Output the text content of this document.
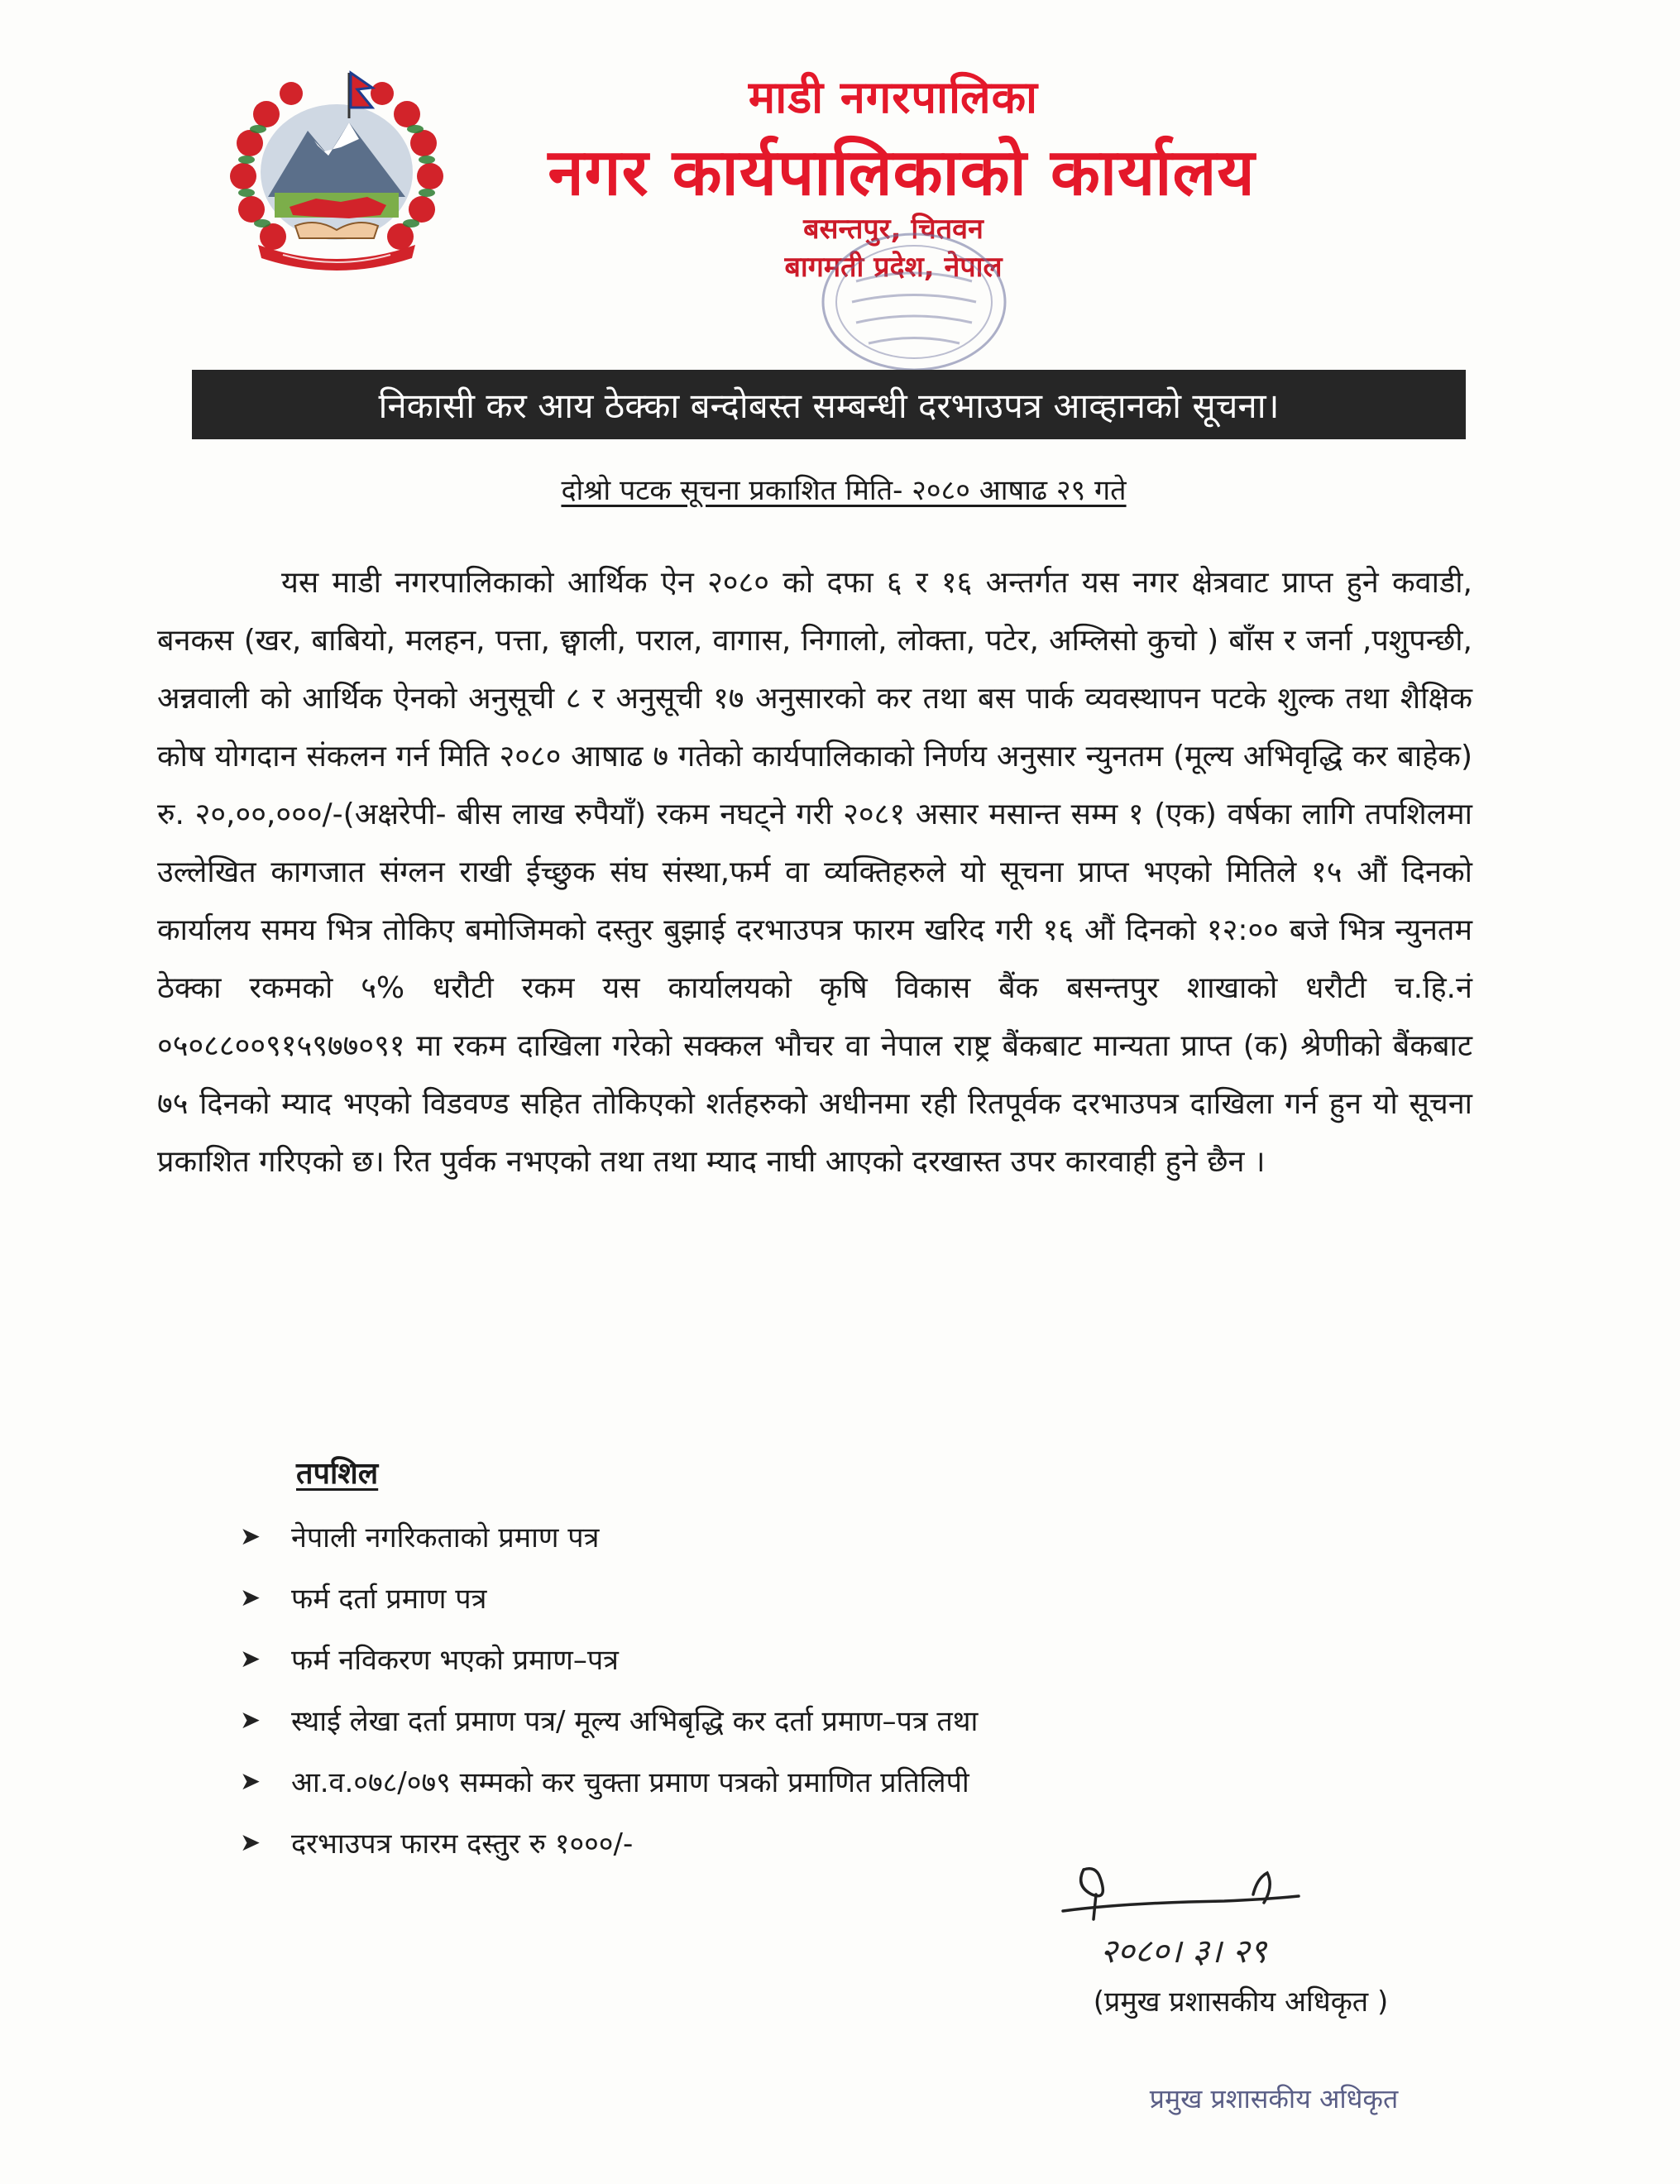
माडी नगरपालिका
नगर कार्यपालिकाको कार्यालय
बसन्तपुर, चितवन
बागमती प्रदेश, नेपाल
निकासी कर आय ठेक्का बन्दोबस्त सम्बन्धी दरभाउपत्र आव्हानको सूचना।
दोश्रो पटक सूचना प्रकाशित मिति- २०८० आषाढ २९ गते
यस माडी नगरपालिकाको आर्थिक ऐन २०८० को दफा ६ र १६ अन्तर्गत यस नगर क्षेत्रवाट प्राप्त हुने कवाडी, बनकस (खर, बाबियो, मलहन, पत्ता, छ्वाली, पराल, वागास, निगालो, लोक्ता, पटेर, अम्लिसो कुचो ) बाँस र जर्ना ,पशुपन्छी, अन्नवाली को आर्थिक ऐनको अनुसूची ८ र अनुसूची १७ अनुसारको कर तथा बस पार्क व्यवस्थापन पटके शुल्क तथा शैक्षिक कोष योगदान संकलन गर्न मिति २०८० आषाढ ७ गतेको कार्यपालिकाको निर्णय अनुसार न्युनतम (मूल्य अभिवृद्धि कर बाहेक) रु. २०,००,०००/-(अक्षरेपी- बीस लाख रुपैयाँ) रकम नघट्ने गरी २०८१ असार मसान्त सम्म १ (एक) वर्षका लागि तपशिलमा उल्लेखित कागजात संग्लन राखी ईच्छुक संघ संस्था,फर्म वा व्यक्तिहरुले यो सूचना प्राप्त भएको मितिले १५ औं दिनको कार्यालय समय भित्र तोकिए बमोजिमको दस्तुर बुझाई दरभाउपत्र फारम खरिद गरी १६ औं दिनको १२:०० बजे भित्र न्युनतम ठेक्का रकमको ५% धरौटी रकम यस कार्यालयको कृषि विकास बैंक बसन्तपुर शाखाको धरौटी च.हि.नं ०५०८८००९१५९७७०९१ मा रकम दाखिला गरेको सक्कल भौचर वा नेपाल राष्ट्र बैंकबाट मान्यता प्राप्त (क) श्रेणीको बैंकबाट ७५ दिनको म्याद भएको विडवण्ड सहित तोकिएको शर्तहरुको अधीनमा रही रितपूर्वक दरभाउपत्र दाखिला गर्न हुन यो सूचना प्रकाशित गरिएको छ। रित पुर्वक नभएको तथा तथा म्याद नाघी आएको दरखास्त उपर कारवाही हुने छैन ।
तपशिल
➤	नेपाली नगरिकताको प्रमाण पत्र
➤	फर्म दर्ता प्रमाण पत्र
➤	फर्म नविकरण भएको प्रमाण–पत्र
➤	स्थाई लेखा दर्ता प्रमाण पत्र/ मूल्य अभिबृद्धि कर दर्ता प्रमाण–पत्र तथा
➤	आ.व.०७८/०७९ सम्मको कर चुक्ता प्रमाण पत्रको प्रमाणित प्रतिलिपी
➤	दरभाउपत्र फारम दस्तुर रु १०००/-
२०८०। ३। २९
(प्रमुख प्रशासकीय अधिकृत )
प्रमुख प्रशासकीय अधिकृत
